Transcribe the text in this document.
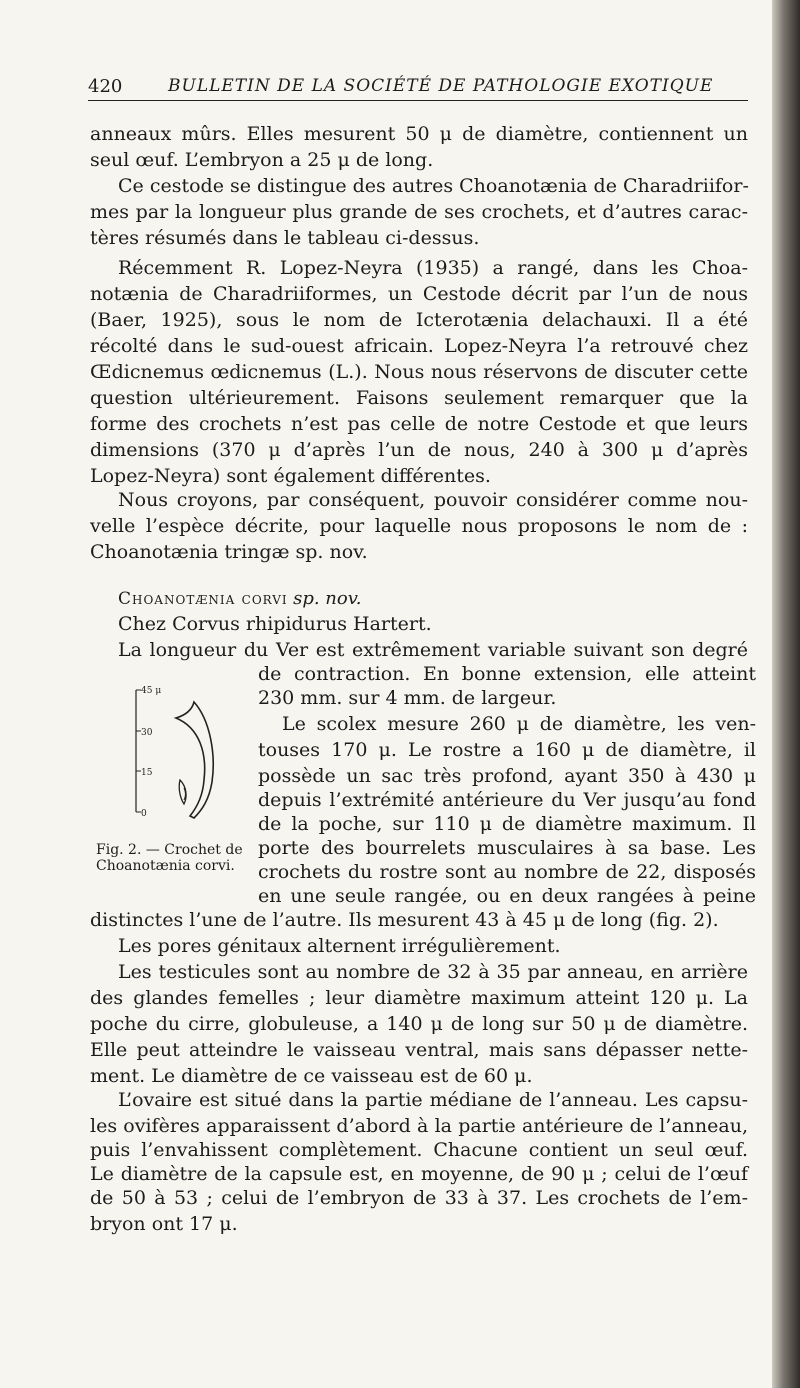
420	BULLETIN DE LA SOCIÉTÉ DE PATHOLOGIE EXOTIQUE
anneaux mûrs. Elles mesurent 50 μ de diamètre, contiennent un
seul œuf. L’embryon a 25 μ de long.
Ce cestode se distingue des autres Choanotænia de Charadriifor-
mes par la longueur plus grande de ses crochets, et d’autres carac-
tères résumés dans le tableau ci-dessus.
Récemment R. Lopez-Neyra (1935) a rangé, dans les Choa-
notænia de Charadriiformes, un Cestode décrit par l’un de nous
(Baer, 1925), sous le nom de Icterotænia delachauxi. Il a été
récolté dans le sud-ouest africain. Lopez-Neyra l’a retrouvé chez
Œdicnemus œdicnemus (L.). Nous nous réservons de discuter cette
question ultérieurement. Faisons seulement remarquer que la
forme des crochets n’est pas celle de notre Cestode et que leurs
dimensions (370 μ d’après l’un de nous, 240 à 300 μ d’après
Lopez-Neyra) sont également différentes.
Nous croyons, par conséquent, pouvoir considérer comme nou-
velle l’espèce décrite, pour laquelle nous proposons le nom de :
Choanotænia tringæ sp. nov.
Choanotænia corvi sp. nov.
Chez Corvus rhipidurus Hartert.
La longueur du Ver est extrêmement variable suivant son degré
de contraction. En bonne extension, elle atteint
230 mm. sur 4 mm. de largeur.
Le scolex mesure 260 μ de diamètre, les ven-
touses 170 μ. Le rostre a 160 μ de diamètre, il
possède un sac très profond, ayant 350 à 430 μ
depuis l’extrémité antérieure du Ver jusqu’au fond
de la poche, sur 110 μ de diamètre maximum. Il
porte des bourrelets musculaires à sa base. Les
crochets du rostre sont au nombre de 22, disposés
en une seule rangée, ou en deux rangées à peine
distinctes l’une de l’autre. Ils mesurent 43 à 45 μ de long (fig. 2).
Les pores génitaux alternent irrégulièrement.
Les testicules sont au nombre de 32 à 35 par anneau, en arrière
des glandes femelles ; leur diamètre maximum atteint 120 μ. La
poche du cirre, globuleuse, a 140 μ de long sur 50 μ de diamètre.
Elle peut atteindre le vaisseau ventral, mais sans dépasser nette-
ment. Le diamètre de ce vaisseau est de 60 μ.
L’ovaire est situé dans la partie médiane de l’anneau. Les capsu-
les ovifères apparaissent d’abord à la partie antérieure de l’anneau,
puis l’envahissent complètement. Chacune contient un seul œuf.
Le diamètre de la capsule est, en moyenne, de 90 μ ; celui de l’œuf
de 50 à 53 ; celui de l’embryon de 33 à 37. Les crochets de l’em-
bryon ont 17 μ.
45 μ
30
15
0
Fig. 2. — Crochet de Choanotænia corvi.
